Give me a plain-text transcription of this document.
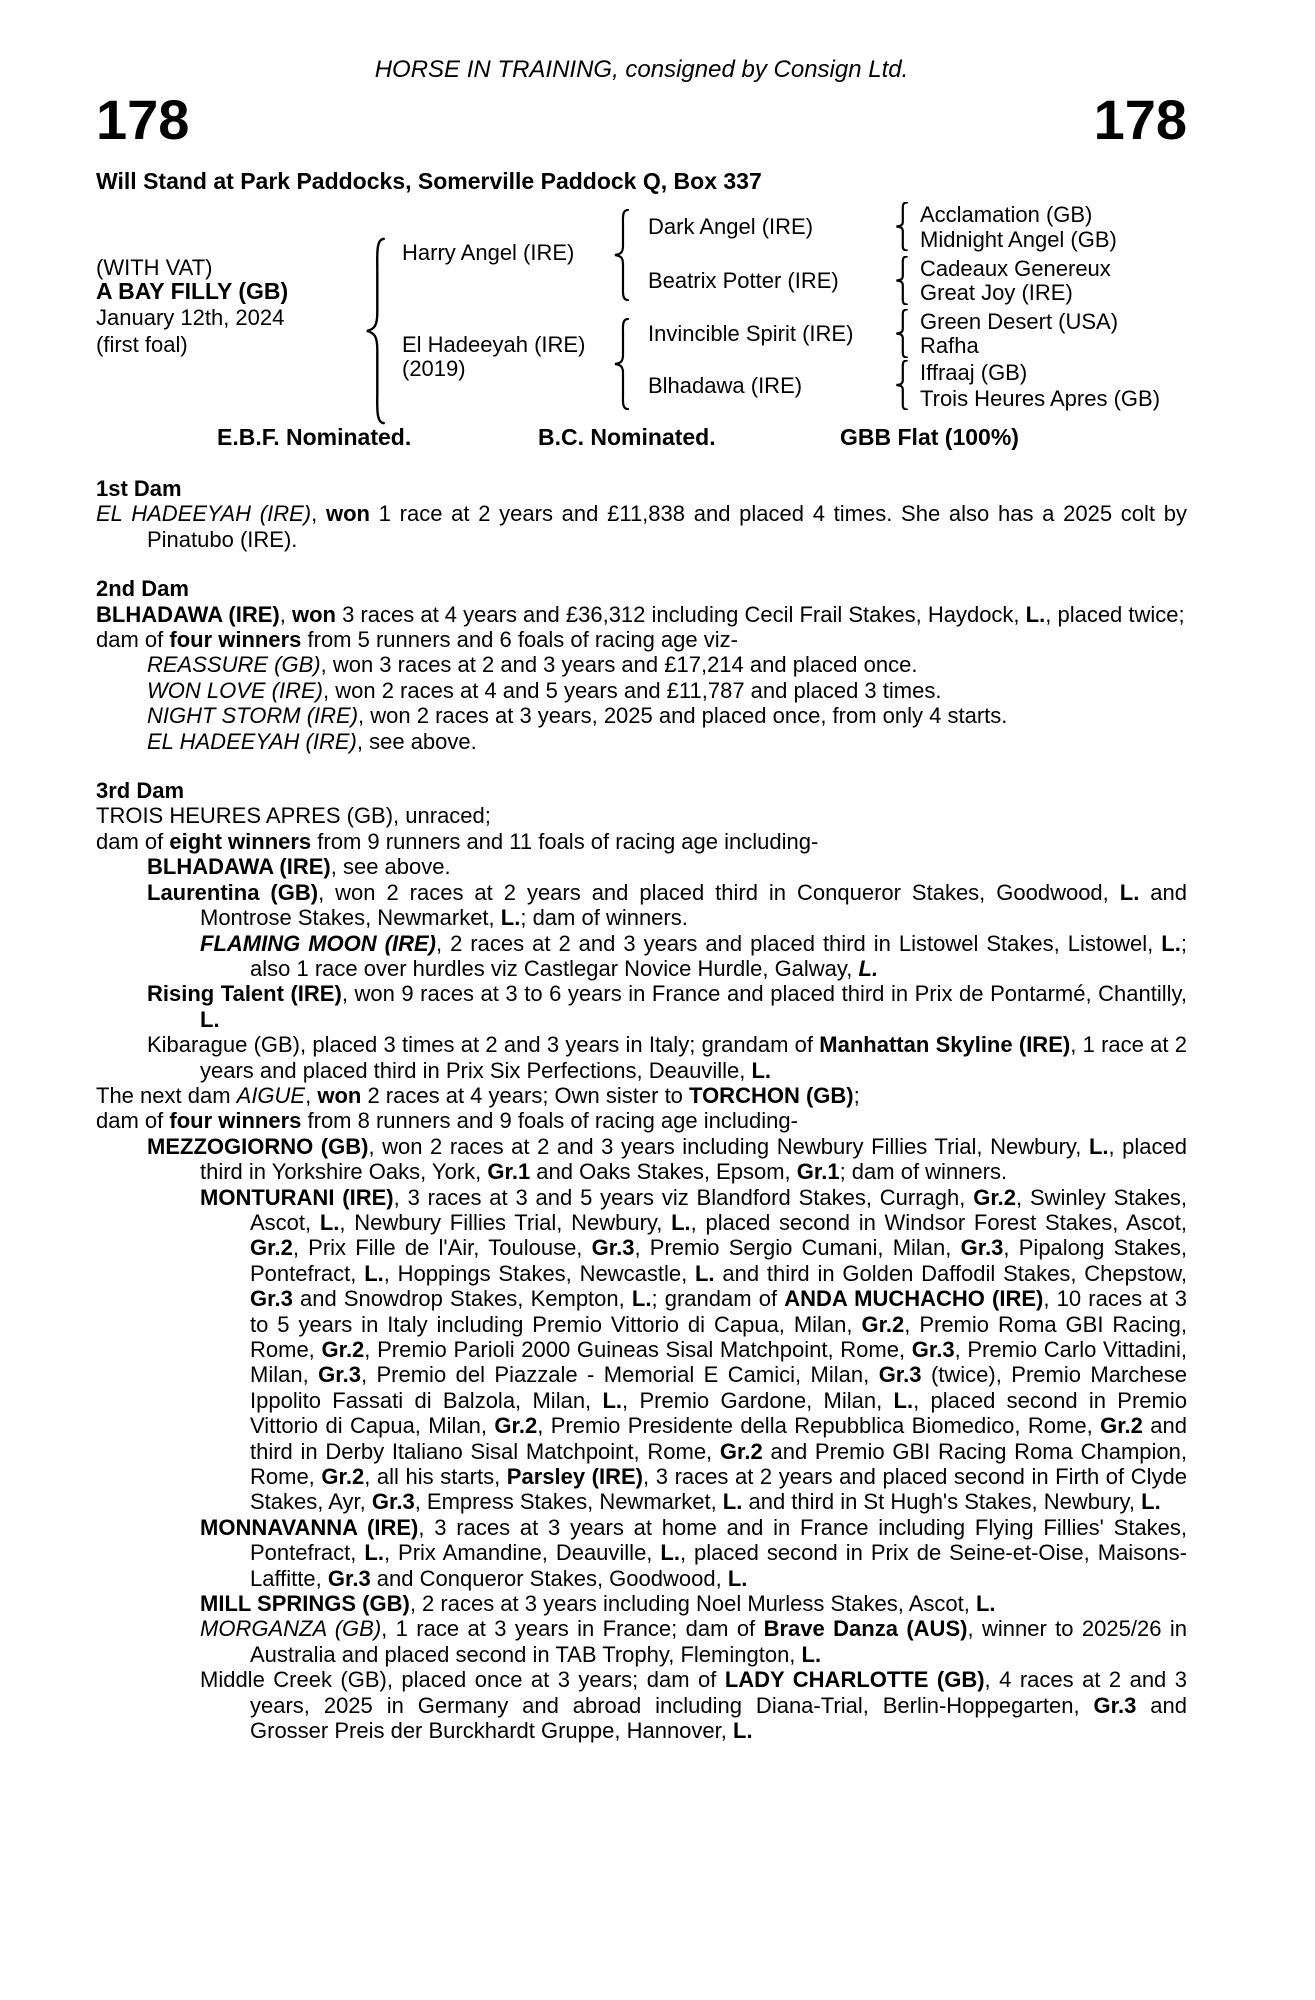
HORSE IN TRAINING, consigned by Consign Ltd.
178	178
Will Stand at Park Paddocks, Somerville Paddock Q, Box 337
(WITH VAT)
A BAY FILLY (GB)
January 12th, 2024
(first foal)
Harry Angel (IRE)
El Hadeeyah (IRE)
(2019)
Dark Angel (IRE)
Beatrix Potter (IRE)
Invincible Spirit (IRE)
Blhadawa (IRE)
Acclamation (GB)
Midnight Angel (GB)
Cadeaux Genereux
Great Joy (IRE)
Green Desert (USA)
Rafha
Iffraaj (GB)
Trois Heures Apres (GB)
E.B.F. Nominated.	B.C. Nominated.	GBB Flat (100%)
1st Dam

EL HADEEYAH (IRE), won 1 race at 2 years and £11,838 and placed 4 times. She also has a 2025 colt by Pinatubo (IRE).

2nd Dam

BLHADAWA (IRE), won 3 races at 4 years and £36,312 including Cecil Frail Stakes, Haydock, L., placed twice;

dam of four winners from 5 runners and 6 foals of racing age viz-

REASSURE (GB), won 3 races at 2 and 3 years and £17,214 and placed once.

WON LOVE (IRE), won 2 races at 4 and 5 years and £11,787 and placed 3 times.

NIGHT STORM (IRE), won 2 races at 3 years, 2025 and placed once, from only 4 starts.

EL HADEEYAH (IRE), see above.

3rd Dam

TROIS HEURES APRES (GB), unraced;

dam of eight winners from 9 runners and 11 foals of racing age including-

BLHADAWA (IRE), see above.

Laurentina (GB), won 2 races at 2 years and placed third in Conqueror Stakes, Goodwood, L. and Montrose Stakes, Newmarket, L.; dam of winners.

FLAMING MOON (IRE), 2 races at 2 and 3 years and placed third in Listowel Stakes, Listowel, L.; also 1 race over hurdles viz Castlegar Novice Hurdle, Galway, L.

Rising Talent (IRE), won 9 races at 3 to 6 years in France and placed third in Prix de Pontarmé, Chantilly, L.

Kibarague (GB), placed 3 times at 2 and 3 years in Italy; grandam of Manhattan Skyline (IRE), 1 race at 2 years and placed third in Prix Six Perfections, Deauville, L.

The next dam AIGUE, won 2 races at 4 years; Own sister to TORCHON (GB);

dam of four winners from 8 runners and 9 foals of racing age including-

MEZZOGIORNO (GB), won 2 races at 2 and 3 years including Newbury Fillies Trial, Newbury, L., placed third in Yorkshire Oaks, York, Gr.1 and Oaks Stakes, Epsom, Gr.1; dam of winners.

MONTURANI (IRE), 3 races at 3 and 5 years viz Blandford Stakes, Curragh, Gr.2, Swinley Stakes, Ascot, L., Newbury Fillies Trial, Newbury, L., placed second in Windsor Forest Stakes, Ascot, Gr.2, Prix Fille de l'Air, Toulouse, Gr.3, Premio Sergio Cumani, Milan, Gr.3, Pipalong Stakes, Pontefract, L., Hoppings Stakes, Newcastle, L. and third in Golden Daffodil Stakes, Chepstow, Gr.3 and Snowdrop Stakes, Kempton, L.; grandam of ANDA MUCHACHO (IRE), 10 races at 3 to 5 years in Italy including Premio Vittorio di Capua, Milan, Gr.2, Premio Roma GBI Racing, Rome, Gr.2, Premio Parioli 2000 Guineas Sisal Matchpoint, Rome, Gr.3, Premio Carlo Vittadini, Milan, Gr.3, Premio del Piazzale - Memorial E Camici, Milan, Gr.3 (twice), Premio Marchese Ippolito Fassati di Balzola, Milan, L., Premio Gardone, Milan, L., placed second in Premio Vittorio di Capua, Milan, Gr.2, Premio Presidente della Repubblica Biomedico, Rome, Gr.2 and third in Derby Italiano Sisal Matchpoint, Rome, Gr.2 and Premio GBI Racing Roma Champion, Rome, Gr.2, all his starts, Parsley (IRE), 3 races at 2 years and placed second in Firth of Clyde Stakes, Ayr, Gr.3, Empress Stakes, Newmarket, L. and third in St Hugh's Stakes, Newbury, L.

MONNAVANNA (IRE), 3 races at 3 years at home and in France including Flying Fillies' Stakes, Pontefract, L., Prix Amandine, Deauville, L., placed second in Prix de Seine-et-Oise, Maisons-Laffitte, Gr.3 and Conqueror Stakes, Goodwood, L.

MILL SPRINGS (GB), 2 races at 3 years including Noel Murless Stakes, Ascot, L.

MORGANZA (GB), 1 race at 3 years in France; dam of Brave Danza (AUS), winner to 2025/26 in Australia and placed second in TAB Trophy, Flemington, L.

Middle Creek (GB), placed once at 3 years; dam of LADY CHARLOTTE (GB), 4 races at 2 and 3 years, 2025 in Germany and abroad including Diana-Trial, Berlin-Hoppegarten, Gr.3 and Grosser Preis der Burckhardt Gruppe, Hannover, L.
